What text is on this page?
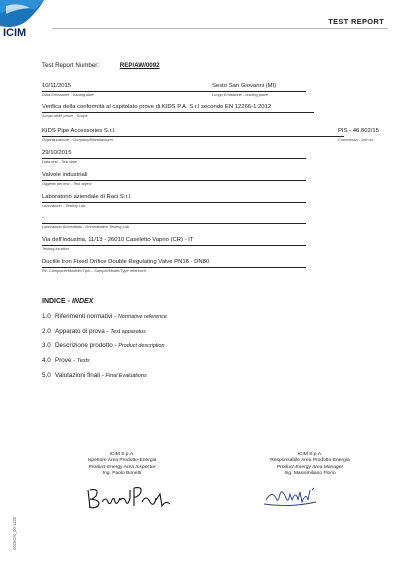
ICIM
TEST REPORT
Test Report Number:	REP/AW/0092
10/11/2015
Data Emissione - Issuing date
Sesto San Giovanni (MI)
Luogo Emissione - Issuing place
Verifica della conformità al capitolato prove di KIDS P.A. S.r.l secondo EN 12266-1:2012
Scopo delle prove - Scope
KIDS Pipe Accessories S.r.l.
Organizzazione - Company/Manufacturer
PIS - 46.802/15
Commessa - Job no.
29/10/2015
Data test - Test date
Valvole industriali
Oggetto dei test - Test object
Laboratorio aziendale di Raci S.r.l.
Laboratorio - Testing Lab
-
Laboratorio Accreditato - Accreditation Testing Lab
Via dell'Industria, 11/13 - 26010 Caseletto Vaprio (CR) - IT
Testing location
Ductile Iron Fixed Orifice Double Regulating Valve PN16 - DN80
Rif. Campione/Modello/Tipo – Sample/Model/Type reference
INDICE - INDEX
1.0 Riferimenti normativi - Normative reference
2.0 Apparato di prova - Test apparatus
3.0 Descrizione prodotto - Product description
4.0 Prove - Tests
5.0 Valutazioni finali - Final Evaluations
ICIM S.p.A.
Ispettore Area Prodotto-Energia
Product-Energy Area Inspector
Ing. Paolo Bonetti
ICIM S.p.A.
Responsabile Area Prodotto-Energia
Product-Energy Area Manager
Ing. Massimiliano Florio
0025CM_00 1126
